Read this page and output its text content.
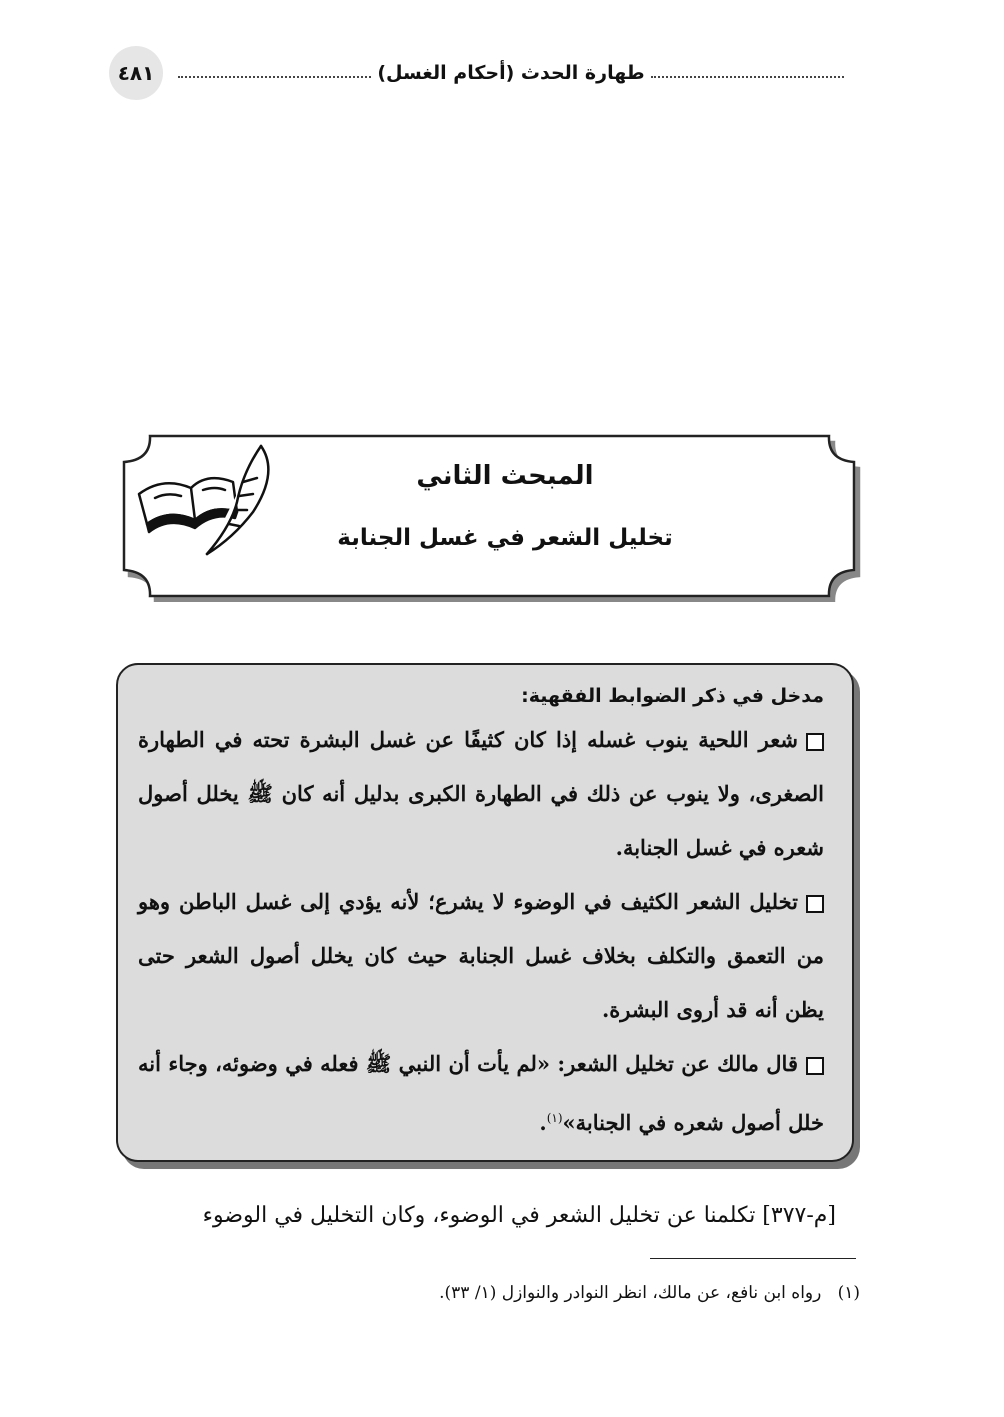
٤٨١	طهارة الحدث (أحكام الغسل)
المبحث الثاني
تخليل الشعر في غسل الجنابة
مدخل في ذكر الضوابط الفقهية:
شعر اللحية ينوب غسله إذا كان كثيفًا عن غسل البشرة تحته في الطهارة الصغرى، ولا ينوب عن ذلك في الطهارة الكبرى بدليل أنه كان ﷺ يخلل أصول شعره في غسل الجنابة.
تخليل الشعر الكثيف في الوضوء لا يشرع؛ لأنه يؤدي إلى غسل الباطن وهو من التعمق والتكلف بخلاف غسل الجنابة حيث كان يخلل أصول الشعر حتى يظن أنه قد أروى البشرة.
قال مالك عن تخليل الشعر: «لم يأت أن النبي ﷺ فعله في وضوئه، وجاء أنه خلل أصول شعره في الجنابة»$^{(١)}$.
[م-٣٧٧] تكلمنا عن تخليل الشعر في الوضوء، وكان التخليل في الوضوء
(١)   رواه ابن نافع، عن مالك، انظر النوادر والنوازل (١/ ٣٣).
